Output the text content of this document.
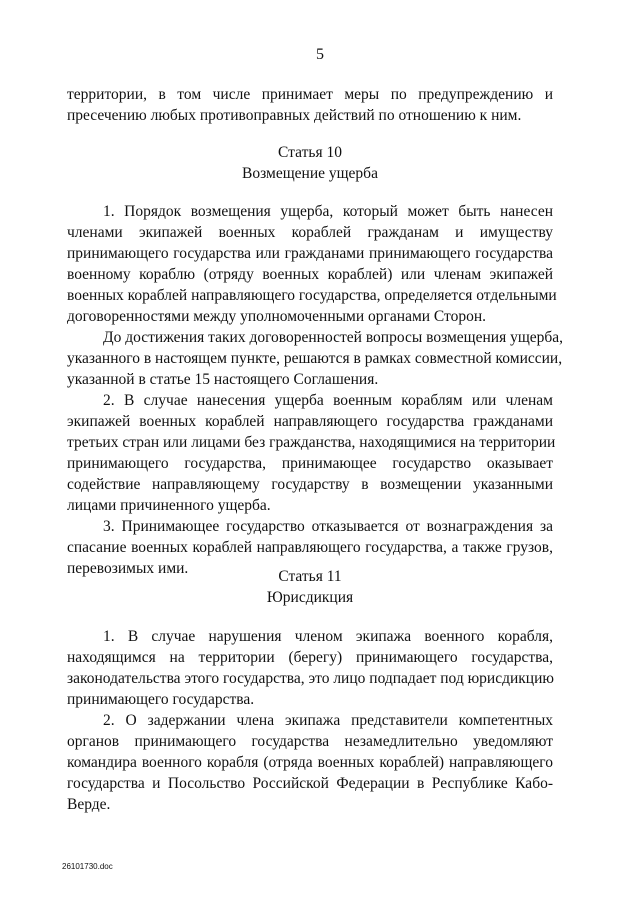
5
территории, в том числе принимает меры по предупреждению и
пресечению любых противоправных действий по отношению к ним.
Статья 10
Возмещение ущерба
1. Порядок возмещения ущерба, который может быть нанесен
членами экипажей военных кораблей гражданам и имуществу
принимающего государства или гражданами принимающего государства
военному кораблю (отряду военных кораблей) или членам экипажей
военных кораблей направляющего государства, определяется отдельными
договоренностями между уполномоченными органами Сторон.
До достижения таких договоренностей вопросы возмещения ущерба,
указанного в настоящем пункте, решаются в рамках совместной комиссии,
указанной в статье 15 настоящего Соглашения.
2. В случае нанесения ущерба военным кораблям или членам
экипажей военных кораблей направляющего государства гражданами
третьих стран или лицами без гражданства, находящимися на территории
принимающего государства, принимающее государство оказывает
содействие направляющему государству в возмещении указанными
лицами причиненного ущерба.
3. Принимающее государство отказывается от вознаграждения за
спасание военных кораблей направляющего государства, а также грузов,
перевозимых ими.	Статья 11
Юрисдикция
1. В случае нарушения членом экипажа военного корабля,
находящимся на территории (берегу) принимающего государства,
законодательства этого государства, это лицо подпадает под юрисдикцию
принимающего государства.
2. О задержании члена экипажа представители компетентных
органов принимающего государства незамедлительно уведомляют
командира военного корабля (отряда военных кораблей) направляющего
государства и Посольство Российской Федерации в Республике Кабо-
Верде.
26101730.doc
